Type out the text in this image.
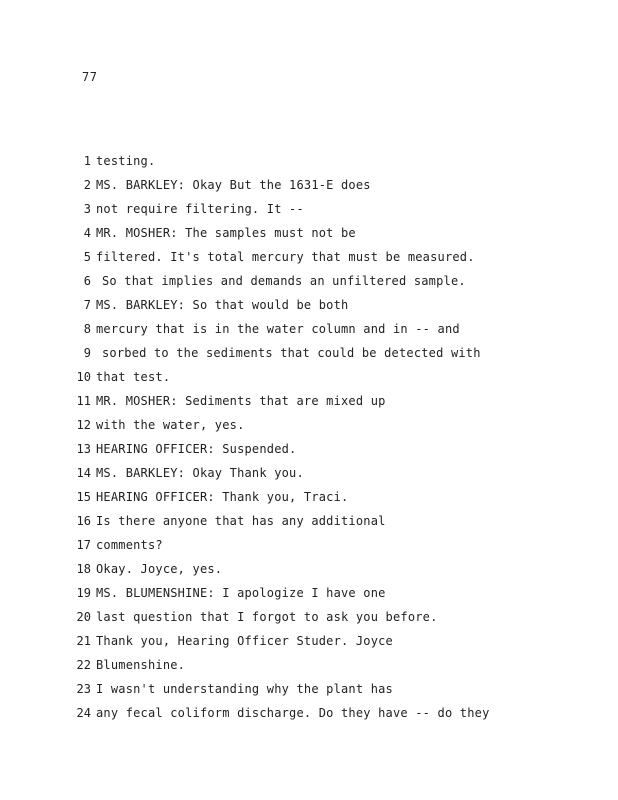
77
1 testing.
2 MS. BARKLEY: Okay But the 1631-E does
3 not require filtering. It --
4 MR. MOSHER: The samples must not be
5 filtered. It's total mercury that must be measured.
6 So that implies and demands an unfiltered sample.
7 MS. BARKLEY: So that would be both
8 mercury that is in the water column and in -- and
9 sorbed to the sediments that could be detected with
10 that test.
11 MR. MOSHER: Sediments that are mixed up
12 with the water, yes.
13 HEARING OFFICER: Suspended.
14 MS. BARKLEY: Okay Thank you.
15 HEARING OFFICER: Thank you, Traci.
16 Is there anyone that has any additional
17 comments?
18 Okay. Joyce, yes.
19 MS. BLUMENSHINE: I apologize I have one
20 last question that I forgot to ask you before.
21 Thank you, Hearing Officer Studer. Joyce
22 Blumenshine.
23 I wasn't understanding why the plant has
24 any fecal coliform discharge. Do they have -- do they
